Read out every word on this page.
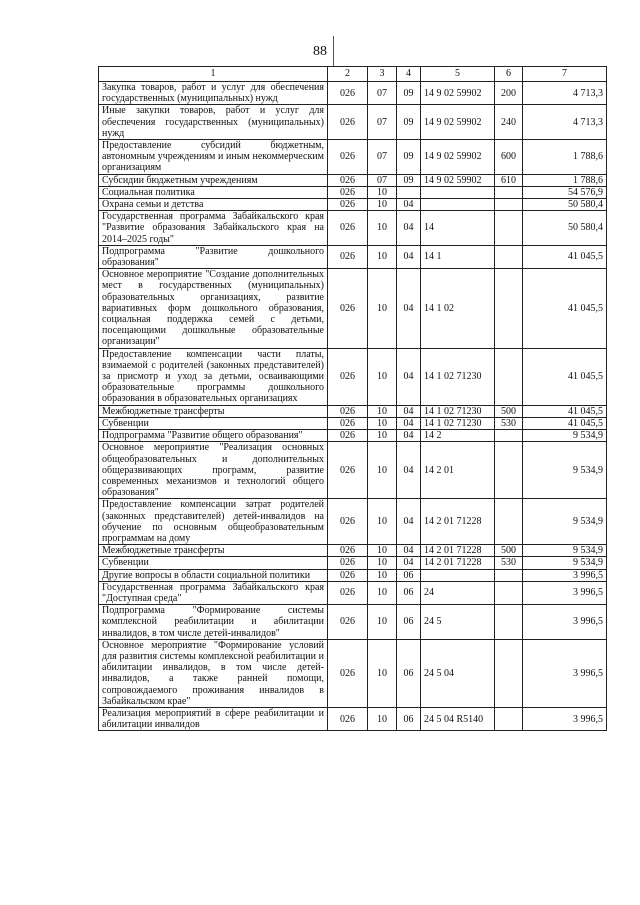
88
1	2	3	4	5	6	7
Закупка товаров, работ и услуг для обеспечения государственных (муниципальных) нужд	026	07	09	14 9 02 59902	200	4 713,3
Иные закупки товаров, работ и услуг для обеспечения государственных (муниципальных) нужд	026	07	09	14 9 02 59902	240	4 713,3
Предоставление субсидий бюджетным, автономным учреждениям и иным некоммерческим организациям	026	07	09	14 9 02 59902	600	1 788,6
Субсидии бюджетным учреждениям	026	07	09	14 9 02 59902	610	1 788,6
Социальная политика	026	10				54 576,9
Охрана семьи и детства	026	10	04			50 580,4
Государственная программа Забайкальского края "Развитие образования Забайкальского края на 2014–2025 годы"	026	10	04	14		50 580,4
Подпрограмма "Развитие дошкольного образования"	026	10	04	14 1		41 045,5
Основное мероприятие "Создание дополнительных мест в государственных (муниципальных) образовательных организациях, развитие вариативных форм дошкольного образования, социальная поддержка семей с детьми, посещающими дошкольные образовательные организации"	026	10	04	14 1 02		41 045,5
Предоставление компенсации части платы, взимаемой с родителей (законных представителей) за присмотр и уход за детьми, осваивающими образовательные программы дошкольного образования в образовательных организациях	026	10	04	14 1 02 71230		41 045,5
Межбюджетные трансферты	026	10	04	14 1 02 71230	500	41 045,5
Субвенции	026	10	04	14 1 02 71230	530	41 045,5
Подпрограмма "Развитие общего образования"	026	10	04	14 2		9 534,9
Основное мероприятие "Реализация основных общеобразовательных и дополнительных общеразвивающих программ, развитие современных механизмов и технологий общего образования"	026	10	04	14 2 01		9 534,9
Предоставление компенсации затрат родителей (законных представителей) детей-инвалидов на обучение по основным общеобразовательным программам на дому	026	10	04	14 2 01 71228		9 534,9
Межбюджетные трансферты	026	10	04	14 2 01 71228	500	9 534,9
Субвенции	026	10	04	14 2 01 71228	530	9 534,9
Другие вопросы в области социальной политики	026	10	06			3 996,5
Государственная программа Забайкальского края "Доступная среда"	026	10	06	24		3 996,5
Подпрограмма "Формирование системы комплексной реабилитации и абилитации инвалидов, в том числе детей-инвалидов"	026	10	06	24 5		3 996,5
Основное мероприятие "Формирование условий для развития системы комплексной реабилитации и абилитации инвалидов, в том числе детей-инвалидов, а также ранней помощи, сопровождаемого проживания инвалидов в Забайкальском крае"	026	10	06	24 5 04		3 996,5
Реализация мероприятий в сфере реабилитации и абилитации инвалидов	026	10	06	24 5 04 R5140		3 996,5
